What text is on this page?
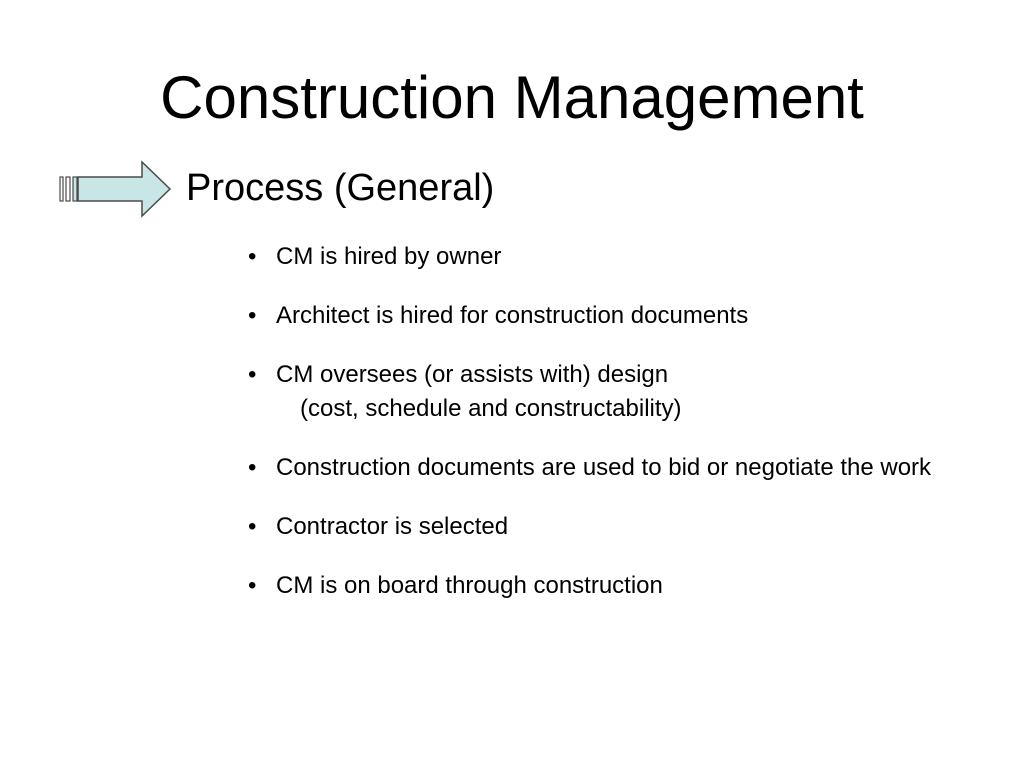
Construction Management
Process (General)
• CM is hired by owner
• Architect is hired for construction documents
• CM oversees (or assists with) design
(cost, schedule and constructability)
• Construction documents are used to bid or negotiate the work
• Contractor is selected
• CM is on board through construction
